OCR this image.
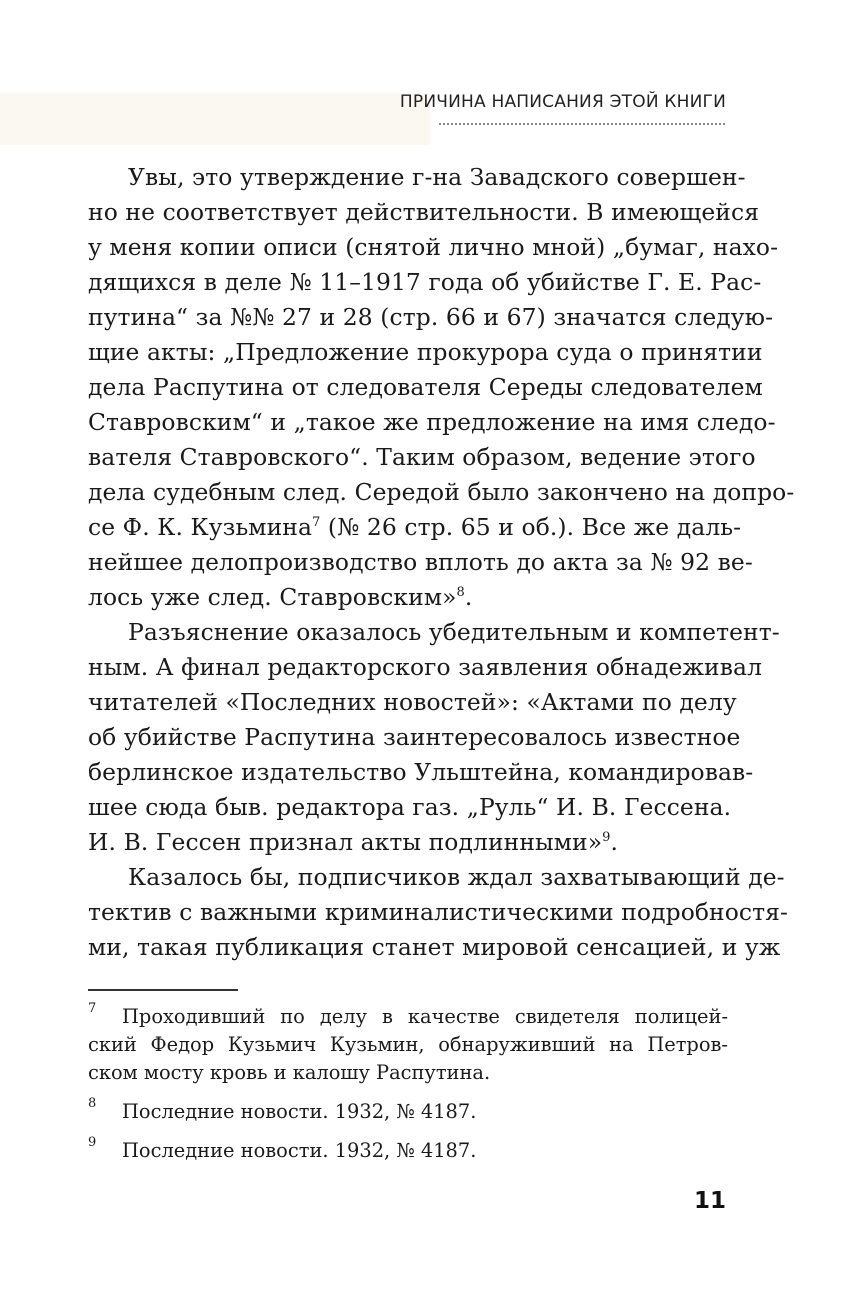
ПРИЧИНА НАПИСАНИЯ ЭТОЙ КНИГИ
Увы, это утверждение г-на Завадского совершен-
но не соответствует действительности. В имеющейся
у меня копии описи (снятой лично мной) „бумаг, нахо-
дящихся в деле № 11–1917 года об убийстве Г. Е. Рас-
путина“ за №№ 27 и 28 (стр. 66 и 67) значатся следую-
щие акты: „Предложение прокурора суда о принятии
дела Распутина от следователя Середы следователем
Ставровским“ и „такое же предложение на имя следо-
вателя Ставровского“. Таким образом, ведение этого
дела судебным след. Середой было закончено на допро-
се Ф. К. Кузьмина$^7$ (№ 26 стр. 65 и об.). Все же даль-
нейшее делопроизводство вплоть до акта за № 92 ве-
лось уже след. Ставровским»$^8$.
Разъяснение оказалось убедительным и компетент-
ным. А финал редакторского заявления обнадеживал
читателей «Последних новостей»: «Актами по делу
об убийстве Распутина заинтересовалось известное
берлинское издательство Ульштейна, командировав-
шее сюда быв. редактора газ. „Руль“ И. В. Гессена.
И. В. Гессен признал акты подлинными»$^9$.
Казалось бы, подписчиков ждал захватывающий де-
тектив с важными криминалистическими подробностя-
ми, такая публикация станет мировой сенсацией, и уж
7	Проходивший по делу в качестве свидетеля полицей-
ский Федор Кузьмич Кузьмин, обнаруживший на Петров-
ском мосту кровь и калошу Распутина.
8	Последние новости. 1932, № 4187.
9	Последние новости. 1932, № 4187.
11
